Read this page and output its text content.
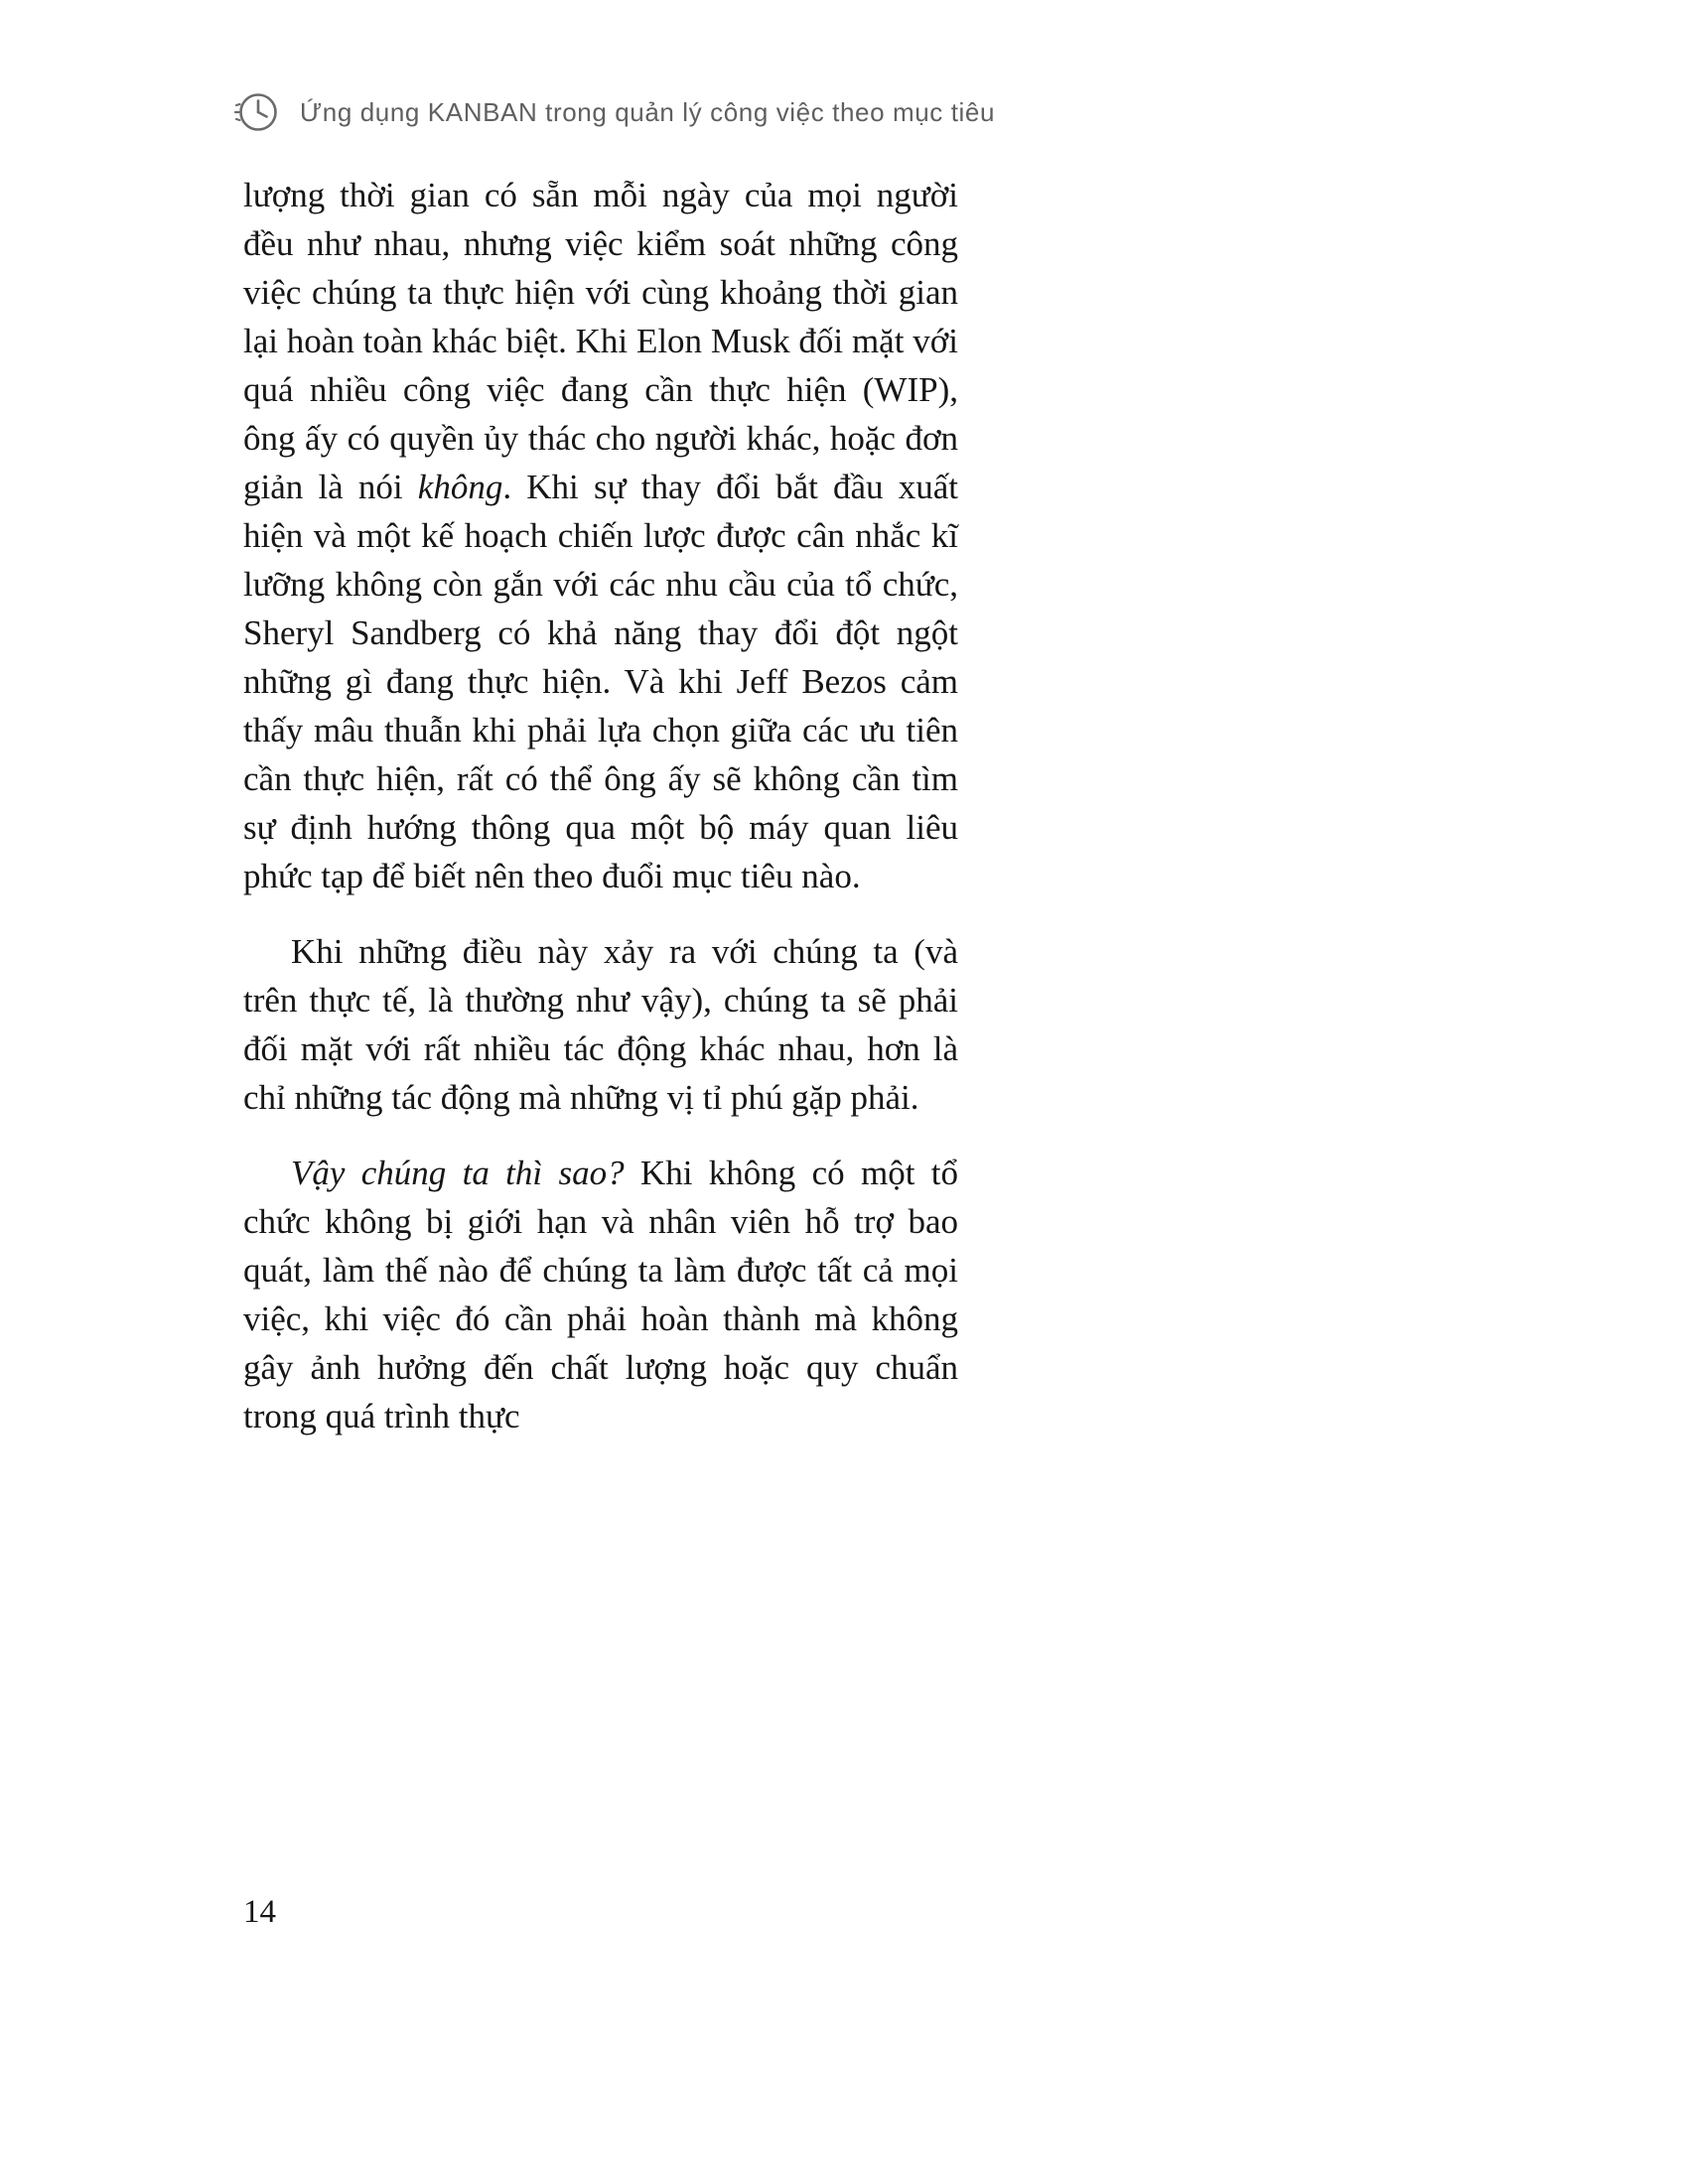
Ứng dụng KANBAN trong quản lý công việc theo mục tiêu

lượng thời gian có sẵn mỗi ngày của mọi người đều như nhau, nhưng việc kiểm soát những công việc chúng ta thực hiện với cùng khoảng thời gian lại hoàn toàn khác biệt. Khi Elon Musk đối mặt với quá nhiều công việc đang cần thực hiện (WIP), ông ấy có quyền ủy thác cho người khác, hoặc đơn giản là nói không. Khi sự thay đổi bắt đầu xuất hiện và một kế hoạch chiến lược được cân nhắc kĩ lưỡng không còn gắn với các nhu cầu của tổ chức, Sheryl Sandberg có khả năng thay đổi đột ngột những gì đang thực hiện. Và khi Jeff Bezos cảm thấy mâu thuẫn khi phải lựa chọn giữa các ưu tiên cần thực hiện, rất có thể ông ấy sẽ không cần tìm sự định hướng thông qua một bộ máy quan liêu phức tạp để biết nên theo đuổi mục tiêu nào.

Khi những điều này xảy ra với chúng ta (và trên thực tế, là thường như vậy), chúng ta sẽ phải đối mặt với rất nhiều tác động khác nhau, hơn là chỉ những tác động mà những vị tỉ phú gặp phải.

Vậy chúng ta thì sao? Khi không có một tổ chức không bị giới hạn và nhân viên hỗ trợ bao quát, làm thế nào để chúng ta làm được tất cả mọi việc, khi việc đó cần phải hoàn thành mà không gây ảnh hưởng đến chất lượng hoặc quy chuẩn trong quá trình thực

14
